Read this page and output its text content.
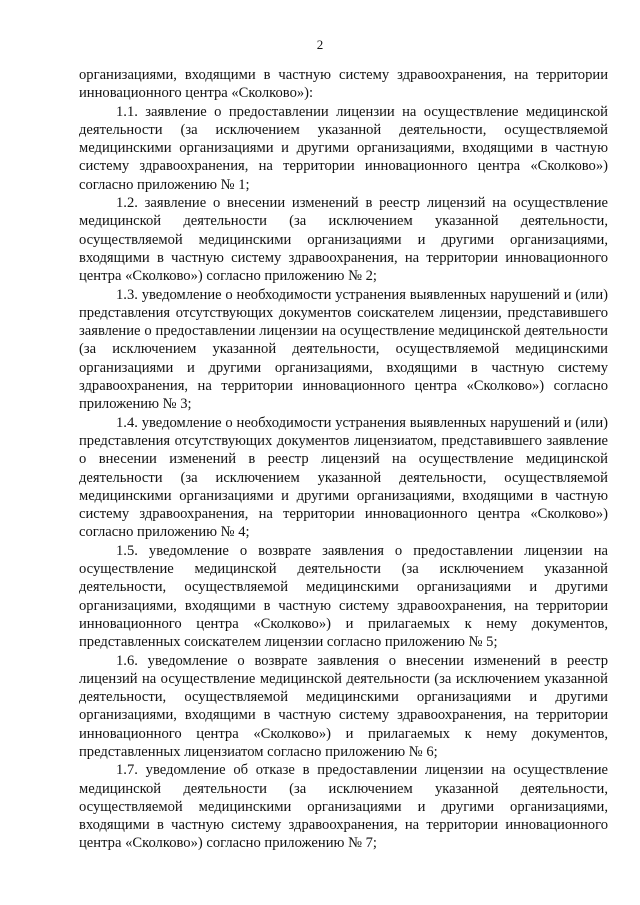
2

организациями, входящими в частную систему здравоохранения, на территории инновационного центра «Сколково»):

1.1. заявление о предоставлении лицензии на осуществление медицинской деятельности (за исключением указанной деятельности, осуществляемой медицинскими организациями и другими организациями, входящими в частную систему здравоохранения, на территории инновационного центра «Сколково») согласно приложению № 1;

1.2. заявление о внесении изменений в реестр лицензий на осуществление медицинской деятельности (за исключением указанной деятельности, осуществляемой медицинскими организациями и другими организациями, входящими в частную систему здравоохранения, на территории инновационного центра «Сколково») согласно приложению № 2;

1.3. уведомление о необходимости устранения выявленных нарушений и (или) представления отсутствующих документов соискателем лицензии, представившего заявление о предоставлении лицензии на осуществление медицинской деятельности (за исключением указанной деятельности, осуществляемой медицинскими организациями и другими организациями, входящими в частную систему здравоохранения, на территории инновационного центра «Сколково») согласно приложению № 3;

1.4. уведомление о необходимости устранения выявленных нарушений и (или) представления отсутствующих документов лицензиатом, представившего заявление о внесении изменений в реестр лицензий на осуществление медицинской деятельности (за исключением указанной деятельности, осуществляемой медицинскими организациями и другими организациями, входящими в частную систему здравоохранения, на территории инновационного центра «Сколково») согласно приложению № 4;

1.5. уведомление о возврате заявления о предоставлении лицензии на осуществление медицинской деятельности (за исключением указанной деятельности, осуществляемой медицинскими организациями и другими организациями, входящими в частную систему здравоохранения, на территории инновационного центра «Сколково») и прилагаемых к нему документов, представленных соискателем лицензии согласно приложению № 5;

1.6. уведомление о возврате заявления о внесении изменений в реестр лицензий на осуществление медицинской деятельности (за исключением указанной деятельности, осуществляемой медицинскими организациями и другими организациями, входящими в частную систему здравоохранения, на территории инновационного центра «Сколково») и прилагаемых к нему документов, представленных лицензиатом согласно приложению № 6;

1.7. уведомление об отказе в предоставлении лицензии на осуществление медицинской деятельности (за исключением указанной деятельности, осуществляемой медицинскими организациями и другими организациями, входящими в частную систему здравоохранения, на территории инновационного центра «Сколково») согласно приложению № 7;
